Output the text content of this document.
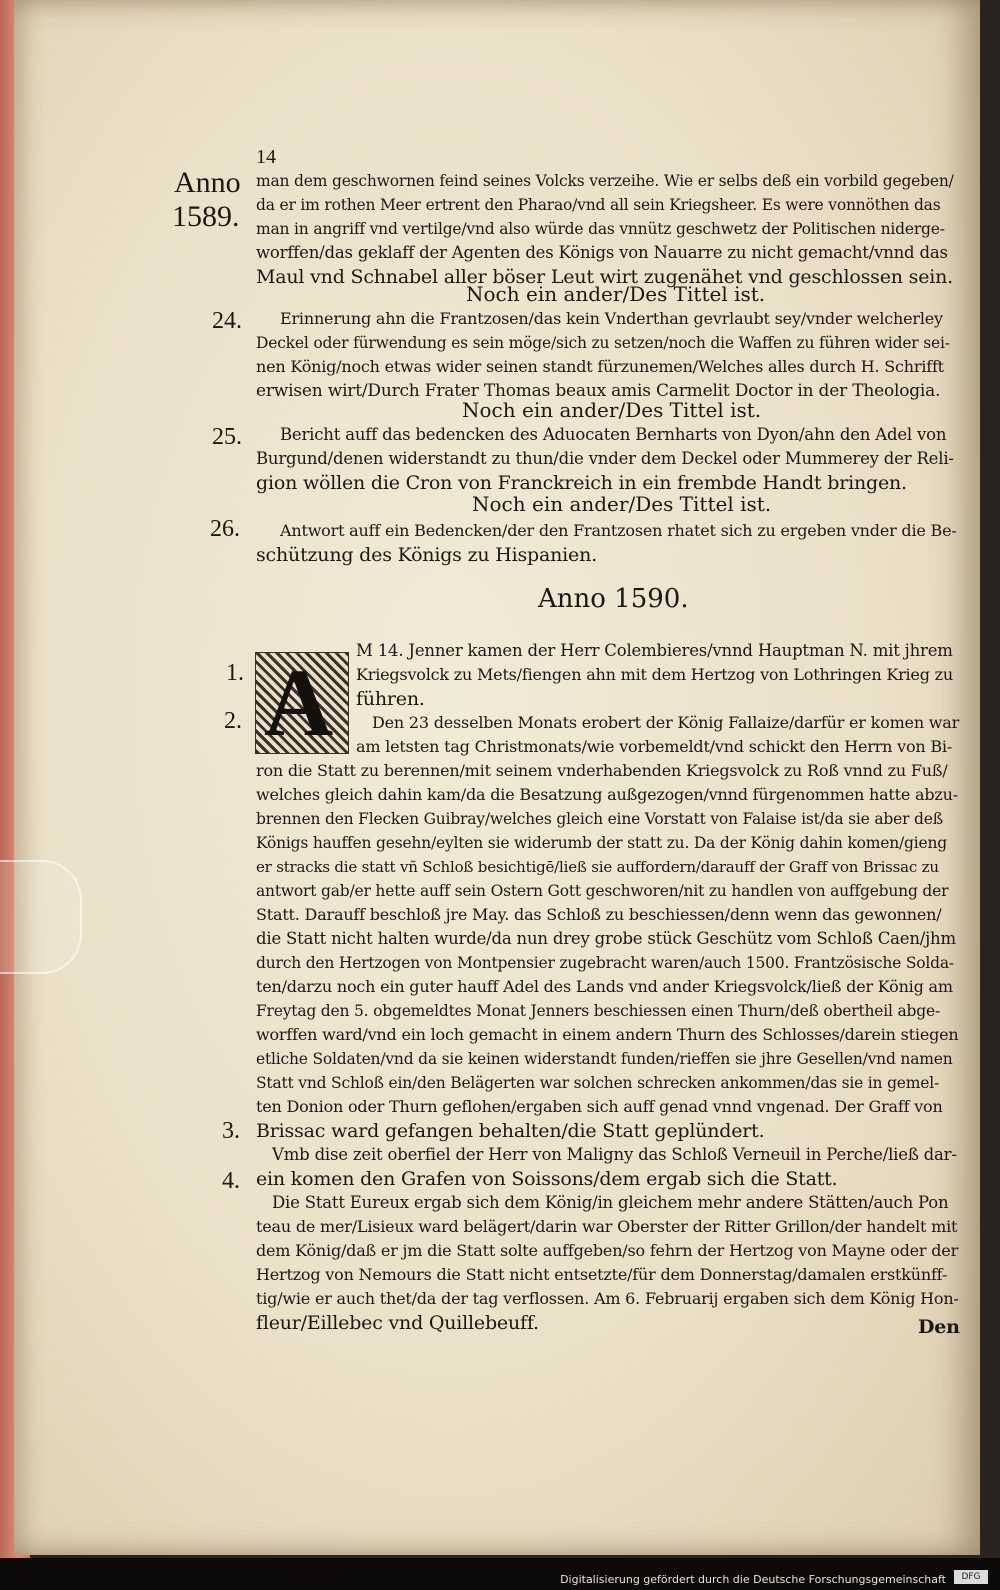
14
Anno
1589.
man dem geschwornen feind seines Volcks verzeihe. Wie er selbs deß ein vorbild gegeben/
da er im rothen Meer ertrent den Pharao/vnd all sein Kriegsheer. Es were vonnöthen das
man in angriff vnd vertilge/vnd also würde das vnnütz geschwetz der Politischen niderge-
worffen/das geklaff der Agenten des Königs von Nauarre zu nicht gemacht/vnnd das
Maul vnd Schnabel aller böser Leut wirt zugenähet vnd geschlossen sein.
Noch ein ander/Des Tittel ist.
24. Erinnerung ahn die Frantzosen/das kein Vnderthan gevrlaubt sey/vnder welcherley
Deckel oder fürwendung es sein möge/sich zu setzen/noch die Waffen zu führen wider sei-
nen König/noch etwas wider seinen standt fürzunemen/Welches alles durch H. Schrifft
erwisen wirt/Durch Frater Thomas beaux amis Carmelit Doctor in der Theologia.
Noch ein ander/Des Tittel ist.
25. Bericht auff das bedencken des Aduocaten Bernharts von Dyon/ahn den Adel von
Burgund/denen widerstandt zu thun/die vnder dem Deckel oder Mummerey der Reli-
gion wöllen die Cron von Franckreich in ein frembde Handt bringen.
Noch ein ander/Des Tittel ist.
26.	Antwort auff ein Bedencken/der den Frantzosen rhatet sich zu ergeben vnder die Be-
schützung des Königs zu Hispanien.
Anno 1590.
A
1.
2.
3.
4.
M 14. Jenner kamen der Herr Colembieres/vnnd Hauptman N. mit jhrem
Kriegsvolck zu Mets/fiengen ahn mit dem Hertzog von Lothringen Krieg zu
führen.
Den 23 desselben Monats erobert der König Fallaize/darfür er komen war
am letsten tag Christmonats/wie vorbemeldt/vnd schickt den Herrn von Bi-
ron die Statt zu berennen/mit seinem vnderhabenden Kriegsvolck zu Roß vnnd zu Fuß/
welches gleich dahin kam/da die Besatzung außgezogen/vnnd fürgenommen hatte abzu-
brennen den Flecken Guibray/welches gleich eine Vorstatt von Falaise ist/da sie aber deß
Königs hauffen gesehn/eylten sie widerumb der statt zu. Da der König dahin komen/gieng
er stracks die statt vñ Schloß besichtigē/ließ sie auffordern/darauff der Graff von Brissac zu
antwort gab/er hette auff sein Ostern Gott geschworen/nit zu handlen von auffgebung der
Statt. Darauff beschloß jre May. das Schloß zu beschiessen/denn wenn das gewonnen/
die Statt nicht halten wurde/da nun drey grobe stück Geschütz vom Schloß Caen/jhm
durch den Hertzogen von Montpensier zugebracht waren/auch 1500. Frantzösische Solda-
ten/darzu noch ein guter hauff Adel des Lands vnd ander Kriegsvolck/ließ der König am
Freytag den 5. obgemeldtes Monat Jenners beschiessen einen Thurn/deß obertheil abge-
worffen ward/vnd ein loch gemacht in einem andern Thurn des Schlosses/darein stiegen
etliche Soldaten/vnd da sie keinen widerstandt funden/rieffen sie jhre Gesellen/vnd namen
Statt vnd Schloß ein/den Belägerten war solchen schrecken ankommen/das sie in gemel-
ten Donion oder Thurn geflohen/ergaben sich auff genad vnnd vngenad. Der Graff von
Brissac ward gefangen behalten/die Statt geplündert.
Vmb dise zeit oberfiel der Herr von Maligny das Schloß Verneuil in Perche/ließ dar-
ein komen den Grafen von Soissons/dem ergab sich die Statt.
Die Statt Eureux ergab sich dem König/in gleichem mehr andere Stätten/auch Pon
teau de mer/Lisieux ward belägert/darin war Oberster der Ritter Grillon/der handelt mit
dem König/daß er jm die Statt solte auffgeben/so fehrn der Hertzog von Mayne oder der
Hertzog von Nemours die Statt nicht entsetzte/für dem Donnerstag/damalen erstkünff-
tig/wie er auch thet/da der tag verflossen. Am 6. Februarij ergaben sich dem König Hon-
fleur/Eillebec vnd Quillebeuff.	Den
Digitalisierung gefördert durch die Deutsche Forschungsgemeinschaft	DFG
